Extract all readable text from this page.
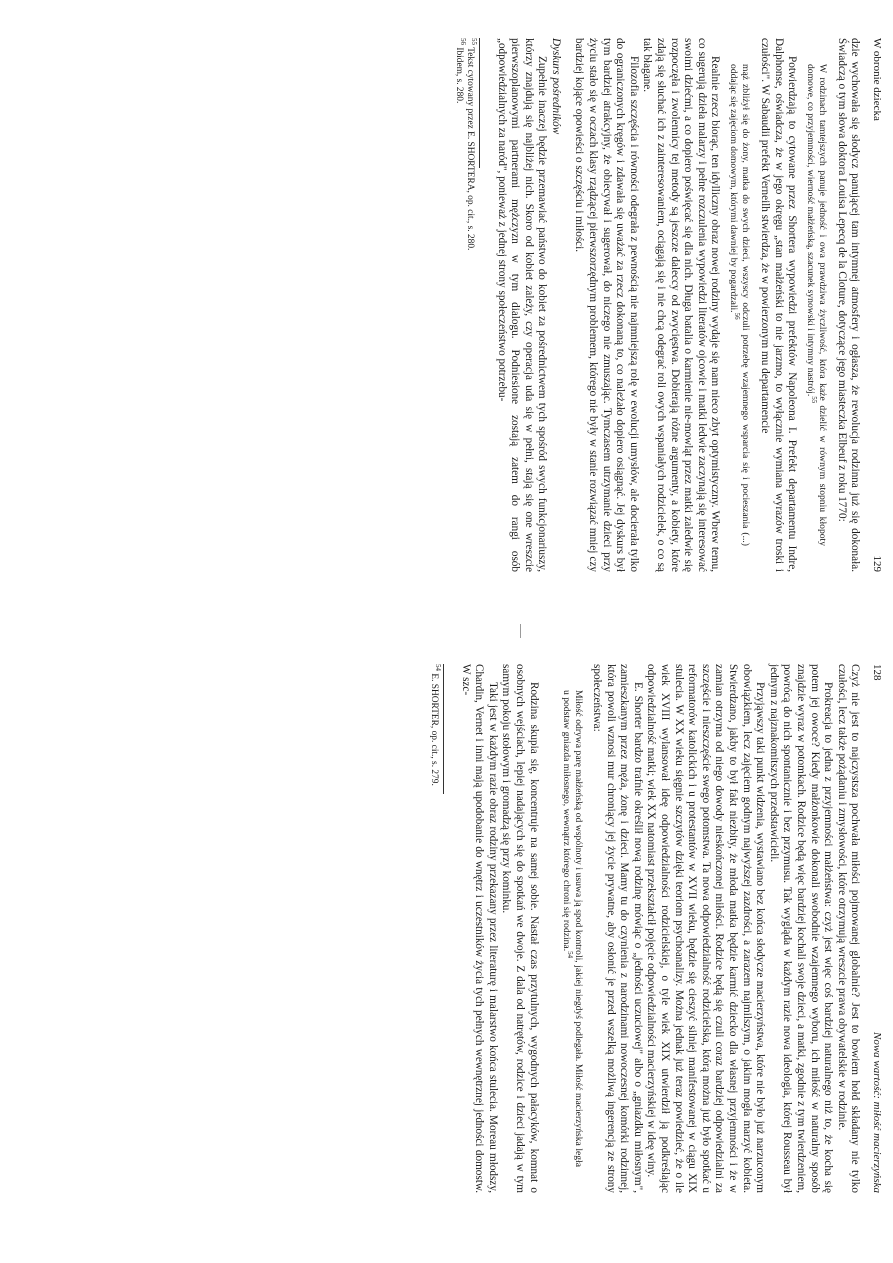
W obronie dziecka
129

dzie wychowała się słodycz panującej tam intymnej atmosfery i ogłasza, że rewolucja rodzinna już się dokonała. Świadczą o tym słowa doktora Louisa Lepecq de la Cloture, dotyczące jego miasteczka Elbeuf z roku 1770:

W rodzinach tamtejszych panuje jedność i owa prawdziwa życzliwość, która każe dzielić w równym stopniu kłopoty domowe, co przyjemności, wierność małżeńską, szacunek synowski i intymny nastrój.$^{55}$

Potwierdzają to cytowane przez Shortera wypowiedzi prefektów Napoleona I. Prefekt departamentu Indre, Dalphonse, oświadcza, że w jego okręgu „stan małżeński to nie jarzmo, to wyłącznie wymiana wyrazów troski i czułości". W Sabaudii prefekt Verneilh stwierdza, że w powierzonym mu departamencie

mąż zbliżył się do żony, matka do swych dzieci, wszyscy odczuli potrzebę wzajemnego wsparcia się i pocieszania (...) oddając się zajęciom domowym, którymi dawniej by pogardzali.$^{56}$

Realnie rzecz biorąc, ten idylliczny obraz nowej rodziny wydaje się nam nieco zbyt optymistyczny. Wbrew temu, co sugerują dzieła malarzy i pełne rozczulenia wypowiedzi literatów ojcowie i matki ledwie zaczynają się interesować swoimi dziećmi, a co dopiero poświęcać się dla nich. Długa batalia o karmienie nie-mowląt przez matki zaledwie się rozpoczęła i zwolennicy tej metody są jeszcze daleccy od zwycięstwa. Dobierają różne argumenty, a kobiety, które zdają się słuchać ich z zainteresowaniem, ociągają się i nie chcą odegrać roli owych wspaniałych rodzicielek, o co są tak błagane.

Filozofia szczęścia i równości odegrała z pewnością nie najmniejszą rolę w ewolucji umysłów, ale docierała tylko do ograniczonych kręgów i zdawała się uważać za rzecz dokonaną to, co należało dopiero osiągnąć. Jej dyskurs był tym bardziej atrakcyjny, że obiecywał i sugerował, do niczego nie zmuszając. Tymczasem utrzymanie dzieci przy życiu stało się w oczach klasy rządzącej pierwszorzędnym problemem, którego nie były w stanie rozwiązać mniej czy bardziej kojące opowieści o szczęściu i miłości.

Dyskurs pośredników

Zupełnie inaczej będzie przemawiać państwo do kobiet za pośrednictwem tych spośród swych funkcjonariuszy, którzy znajdują się najbliżej nich. Skoro od kobiet zależy, czy operacja uda się w pełni, stają się one wreszcie pierwszoplanowymi partnerami mężczyzn w tym dialogu. Podniesione zostają zatem do rangi osób „odpowiedzialnych za naród", ponieważ z jednej strony społeczeństwo potrzebu-

$^{55}$ Tekst cytowany przez E. SHORTERA, op. cit., s. 280.
$^{56}$ Ibidem, s. 280.
128
Nowa wartość: miłość macierzyńska

Czyż nie jest to najczystsza pochwała miłości pojmowanej globalnie? Jest to bowiem hołd składany nie tylko czułości, lecz także pożądaniu i zmysłowości, które otrzymują wreszcie prawa obywatelskie w rodzinie.

Prokreacja to jedna z przyjemności małżeństwa: czyż jest więc coś bardziej naturalnego niż to, że kocha się potem jej owoce? Kiedy małżonkowie dokonali swobodnie wzajemnego wyboru, ich miłość w naturalny sposób znajdzie wyraz w potomkach. Rodzice będą więc bardziej kochali swoje dzieci, a matki, zgodnie z tym twierdzeniem, powrócą do nich spontanicznie i bez przymusu. Tak wygląda w każdym razie nowa ideologia, której Rousseau był jednym z najznakomitszych przedstawicieli.

Przyjąwszy taki punkt widzenia, wystawiano bez końca słodycze macierzyństwa, które nie było już narzuconym obowiązkiem, lecz zajęciem godnym najwyższej zazdrości, a zarazem najmilszym, o jakim mogła marzyć kobieta. Stwierdzano, jakby to był fakt niezbity, że młoda matka będzie karmić dziecko dla własnej przyjemności i że w zamian otrzyma od niego dowody nieskończonej miłości. Rodzice będą się czuli coraz bardziej odpowiedzialni za szczęście i nieszczęście swego potomstwa. Ta nowa odpowiedzialność rodzicielska, którą można już było spotkać u reformatorów katolickich i u protestantów w XVII wieku, będzie się cieszyć silniej manifestowanej w ciągu XIX stulecia. W XX wieku sięgnie szczytów dzięki teoriom psychoanalizy. Można jednak już teraz powiedzieć, że o ile wiek XVIII wylansował ideę odpowiedzialności rodzicielskiej, o tyle wiek XIX utwierdził ją podkreślając odpowiedzialność matki; wiek XX natomiast przekształcił pojęcie odpowiedzialności macierzyńskiej w ideę winy.

E. Shorter bardzo trafnie określił nową rodzinę mówiąc o „jedności uczuciowej" albo o „gniazdku miłosnym", zamieszkanym przez męża, żonę i dzieci. Mamy tu do czynienia z narodzinami nowoczesnej komórki rodzinnej, która powoli wznosi mur chroniący jej życie prywatne, aby osłonić je przed wszelką możliwą ingerencją ze strony społeczeństwa:

Miłość odrywa parę małżeńską od wspólnoty i usuwa ją spod kontroli, jakiej niegdyś podlegała. Miłość macierzyńska legła u podstaw gniazda miłosnego, wewnątrz którego chroni się rodzina.$^{54}$

Rodzina skupia się, koncentruje na samej sobie. Nastał czas przytulnych, wygodnych pałacyków, komnat o osobnych wejściach, lepiej nadających się do spotkań we dwoje. Z dala od natrętów, rodzice i dzieci jadają w tym samym pokoju stołowym i gromadzą się przy kominku.

Taki jest w każdym razie obraz rodziny przekazany przez literaturę i malarstwo końca stulecia. Moreau młodszy, Chardin, Vernet i inni mają upodobanie do wnętrz i uczestników życia tych pełnych wewnętrznej jedności domostw. W szc-

$^{54}$ E. SHORTER, op. cit., s. 279.
